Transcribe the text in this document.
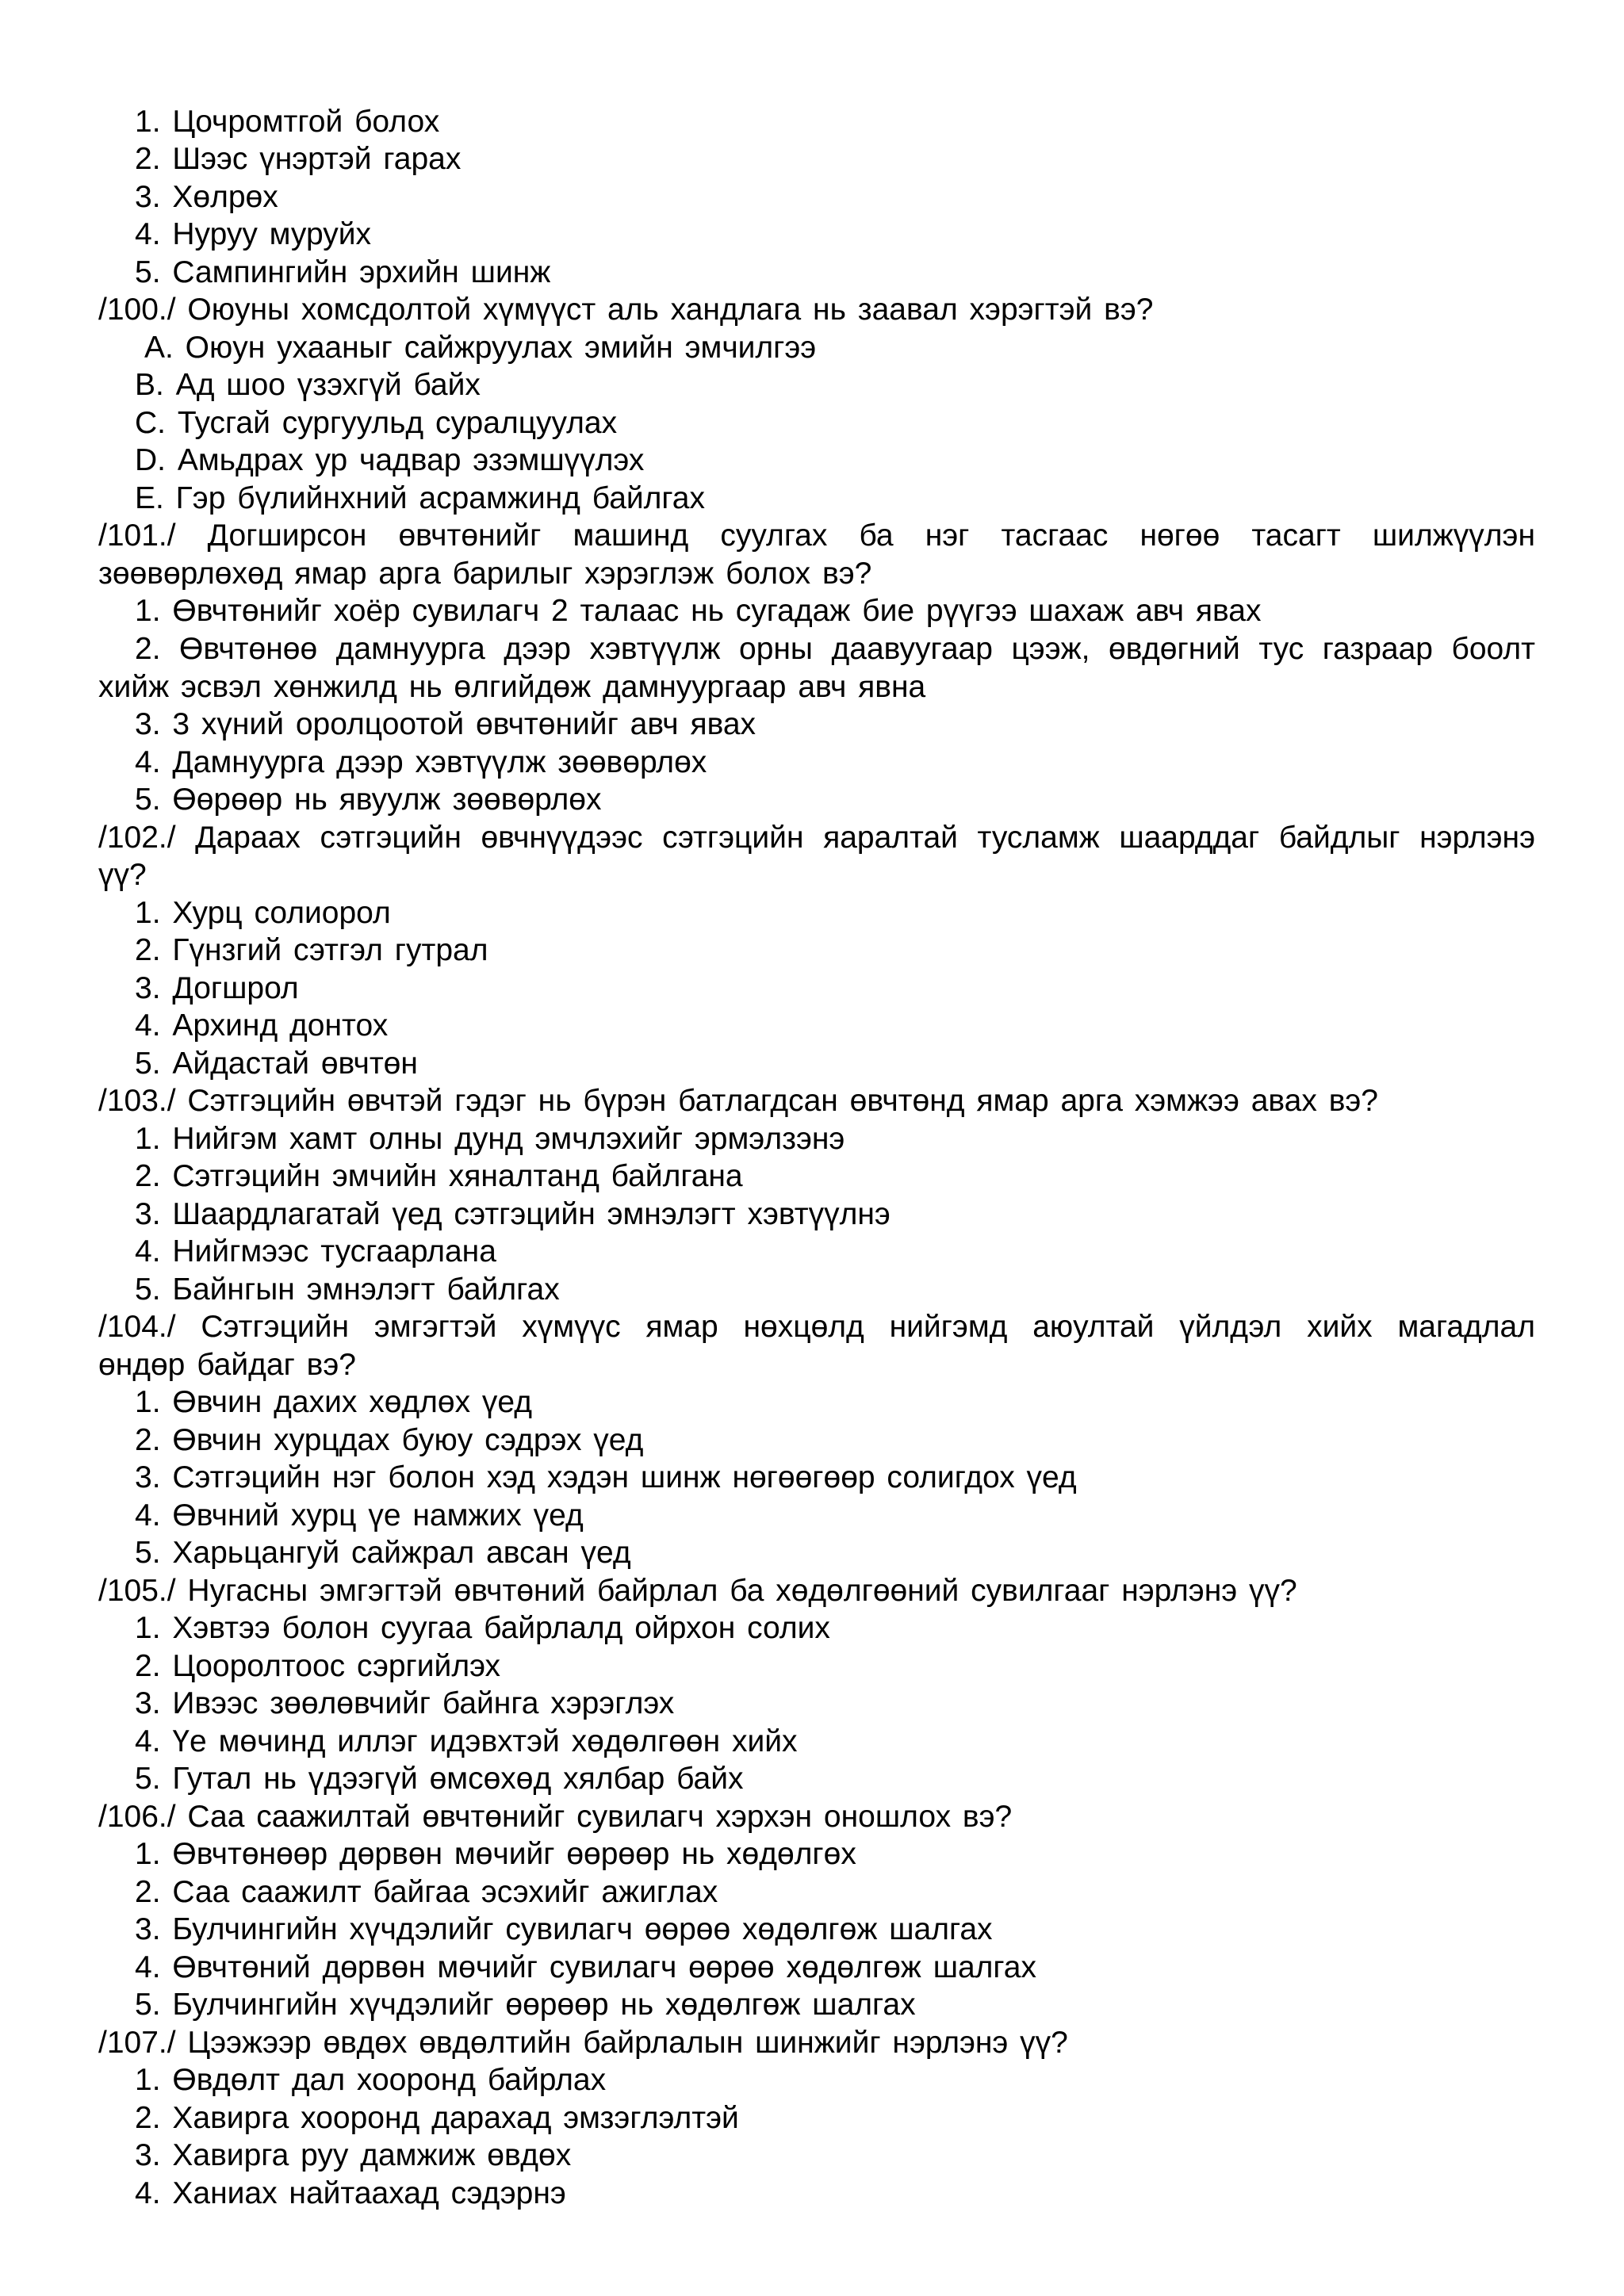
1. Цочромтгой болох
2. Шээс үнэртэй гарах
3. Хөлрөх
4. Нуруу муруйх
5. Сампингийн эрхийн шинж
/100./ Оюуны хомсдолтой хүмүүст аль хандлага нь заавал хэрэгтэй вэ?
A. Оюун ухааныг сайжруулах эмийн эмчилгээ
B. Ад шоо үзэхгүй байх
C. Тусгай сургуульд суралцуулах
D. Амьдрах ур чадвар эзэмшүүлэх
E. Гэр бүлийнхний асрамжинд байлгах
/101./ Догширсон өвчтөнийг машинд суулгах ба нэг тасгаас нөгөө тасагт шилжүүлэн
зөөвөрлөхөд ямар арга барилыг хэрэглэж болох вэ?
1. Өвчтөнийг хоёр сувилагч 2 талаас нь сугадаж бие рүүгээ шахаж авч явах
2. Өвчтөнөө дамнуурга дээр хэвтүүлж орны даавуугаар цээж, өвдөгний тус газраар боолт
хийж эсвэл хөнжилд нь өлгийдөж дамнуургаар авч явна
3. 3 хүний оролцоотой өвчтөнийг авч явах
4. Дамнуурга дээр хэвтүүлж зөөвөрлөх
5. Өөрөөр нь явуулж зөөвөрлөх
/102./ Дараах сэтгэцийн өвчнүүдээс сэтгэцийн яаралтай тусламж шаарддаг байдлыг нэрлэнэ
үү?
1. Хурц солиорол
2. Гүнзгий сэтгэл гутрал
3. Догшрол
4. Архинд донтох
5. Айдастай өвчтөн
/103./ Сэтгэцийн өвчтэй гэдэг нь бүрэн батлагдсан өвчтөнд ямар арга хэмжээ авах вэ?
1. Нийгэм хамт олны дунд эмчлэхийг эрмэлзэнэ
2. Сэтгэцийн эмчийн хяналтанд байлгана
3. Шаардлагатай үед сэтгэцийн эмнэлэгт хэвтүүлнэ
4. Нийгмээс тусгаарлана
5. Байнгын эмнэлэгт байлгах
/104./ Сэтгэцийн эмгэгтэй хүмүүс ямар нөхцөлд нийгэмд аюултай үйлдэл хийх магадлал
өндөр байдаг вэ?
1. Өвчин дахих хөдлөх үед
2. Өвчин хурцдах буюу сэдрэх үед
3. Сэтгэцийн нэг болон хэд хэдэн шинж нөгөөгөөр солигдох үед
4. Өвчний хурц үе намжих үед
5. Харьцангуй сайжрал авсан үед
/105./ Нугасны эмгэгтэй өвчтөний байрлал ба хөдөлгөөний сувилгааг нэрлэнэ үү?
1. Хэвтээ болон суугаа байрлалд ойрхон солих
2. Цооролтоос сэргийлэх
3. Ивээс зөөлөвчийг байнга хэрэглэх
4. Үе мөчинд иллэг идэвхтэй хөдөлгөөн хийх
5. Гутал нь үдээгүй өмсөхөд хялбар байх
/106./ Саа саажилтай өвчтөнийг сувилагч хэрхэн оношлох вэ?
1. Өвчтөнөөр дөрвөн мөчийг өөрөөр нь хөдөлгөх
2. Саа саажилт байгаа эсэхийг ажиглах
3. Булчингийн хүчдэлийг сувилагч өөрөө хөдөлгөж шалгах
4. Өвчтөний дөрвөн мөчийг сувилагч өөрөө хөдөлгөж шалгах
5. Булчингийн хүчдэлийг өөрөөр нь хөдөлгөж шалгах
/107./ Цээжээр өвдөх өвдөлтийн байрлалын шинжийг нэрлэнэ үү?
1. Өвдөлт дал хооронд байрлах
2. Хавирга хооронд дарахад эмзэглэлтэй
3. Хавирга руу дамжиж өвдөх
4. Ханиах найтаахад сэдэрнэ
